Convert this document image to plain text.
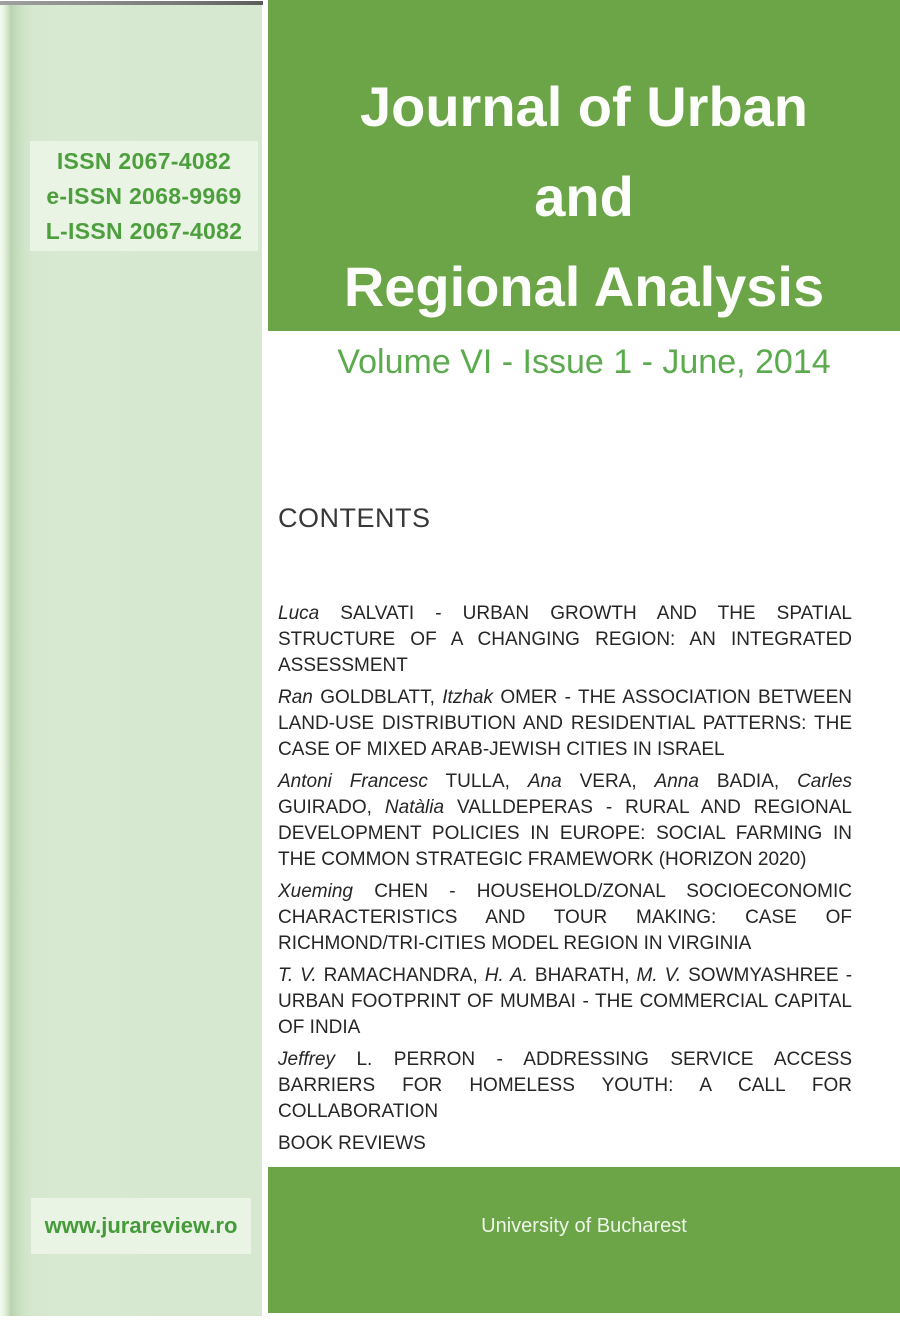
ISSN 2067-4082
e-ISSN 2068-9969
L-ISSN 2067-4082
www.jurareview.ro
Journal of Urban
and
Regional Analysis
Volume VI - Issue 1 - June, 2014
CONTENTS

Luca SALVATI - URBAN GROWTH AND THE SPATIAL STRUCTURE OF A CHANGING REGION: AN INTEGRATED ASSESSMENT

Ran GOLDBLATT, Itzhak OMER - THE ASSOCIATION BETWEEN LAND-USE DISTRIBUTION AND RESIDENTIAL PATTERNS: THE CASE OF MIXED ARAB-JEWISH CITIES IN ISRAEL

Antoni Francesc TULLA, Ana VERA, Anna BADIA, Carles GUIRADO, Natàlia VALLDEPERAS - RURAL AND REGIONAL DEVELOPMENT POLICIES IN EUROPE: SOCIAL FARMING IN THE COMMON STRATEGIC FRAMEWORK (HORIZON 2020)

Xueming CHEN - HOUSEHOLD/ZONAL SOCIOECONOMIC CHARACTERISTICS AND TOUR MAKING: CASE OF RICHMOND/TRI-CITIES MODEL REGION IN VIRGINIA

T. V. RAMACHANDRA, H. A. BHARATH, M. V. SOWMYASHREE - URBAN FOOTPRINT OF MUMBAI - THE COMMERCIAL CAPITAL OF INDIA

Jeffrey L. PERRON - ADDRESSING SERVICE ACCESS BARRIERS FOR HOMELESS YOUTH: A CALL FOR COLLABORATION

BOOK REVIEWS

University of Bucharest
